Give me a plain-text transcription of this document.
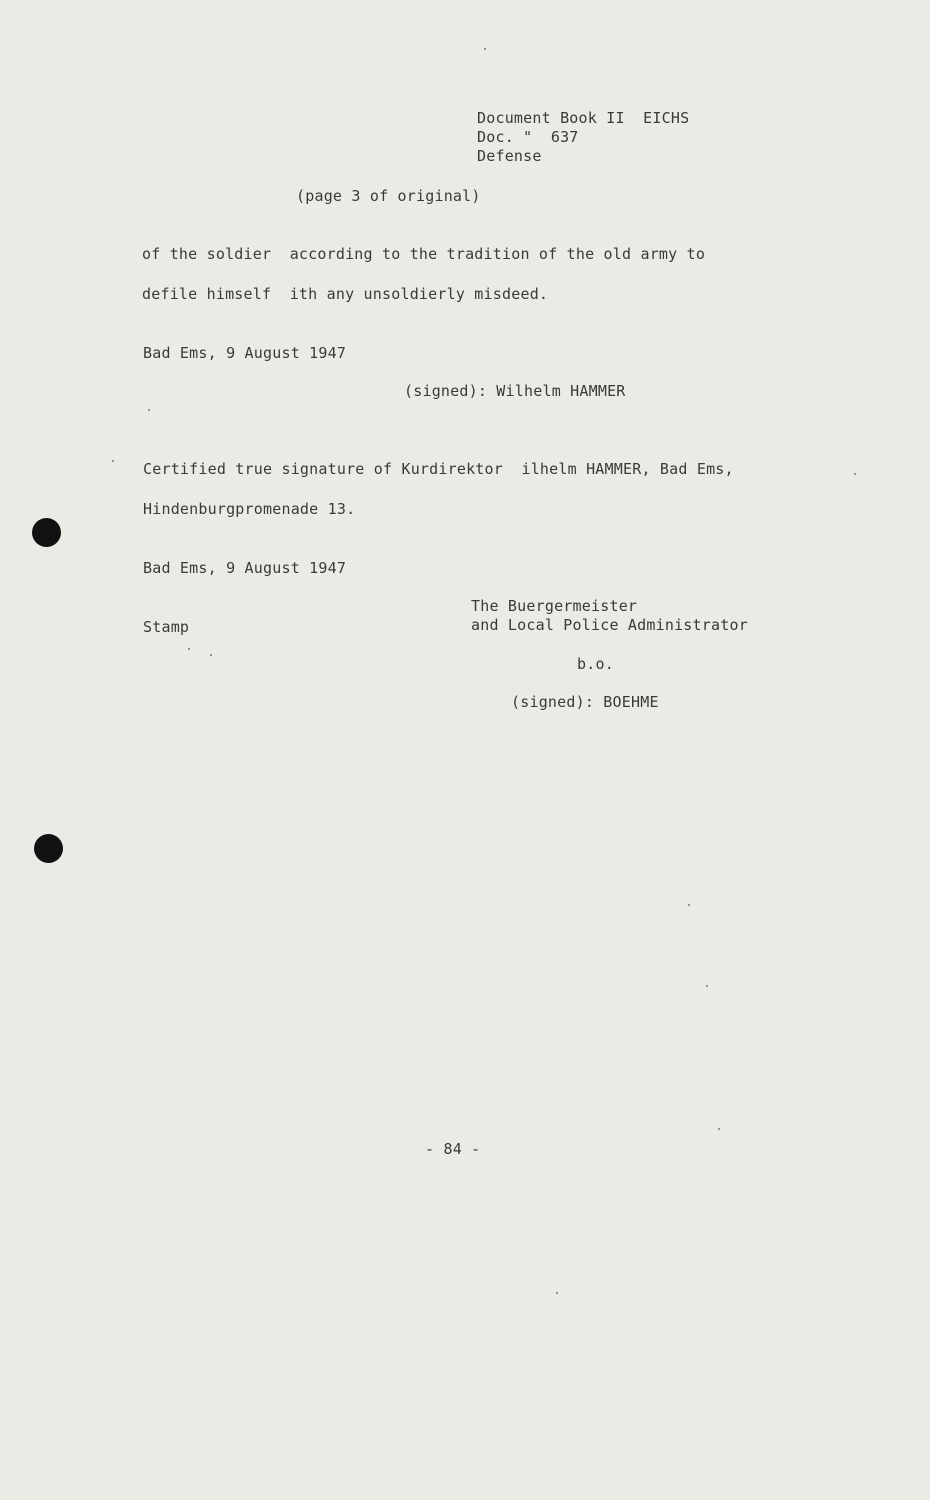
Document Book II  EICHS
Doc. "  637
Defense
(page 3 of original)
of the soldier  according to the tradition of the old army to
defile himself  ith any unsoldierly misdeed.
Bad Ems, 9 August 1947
(signed): Wilhelm HAMMER
Certified true signature of Kurdirektor  ilhelm HAMMER, Bad Ems,
Hindenburgpromenade 13.
Bad Ems, 9 August 1947
The Buergermeister
Stamp	and Local Police Administrator
b.o.
(signed): BOEHME
- 84 -
